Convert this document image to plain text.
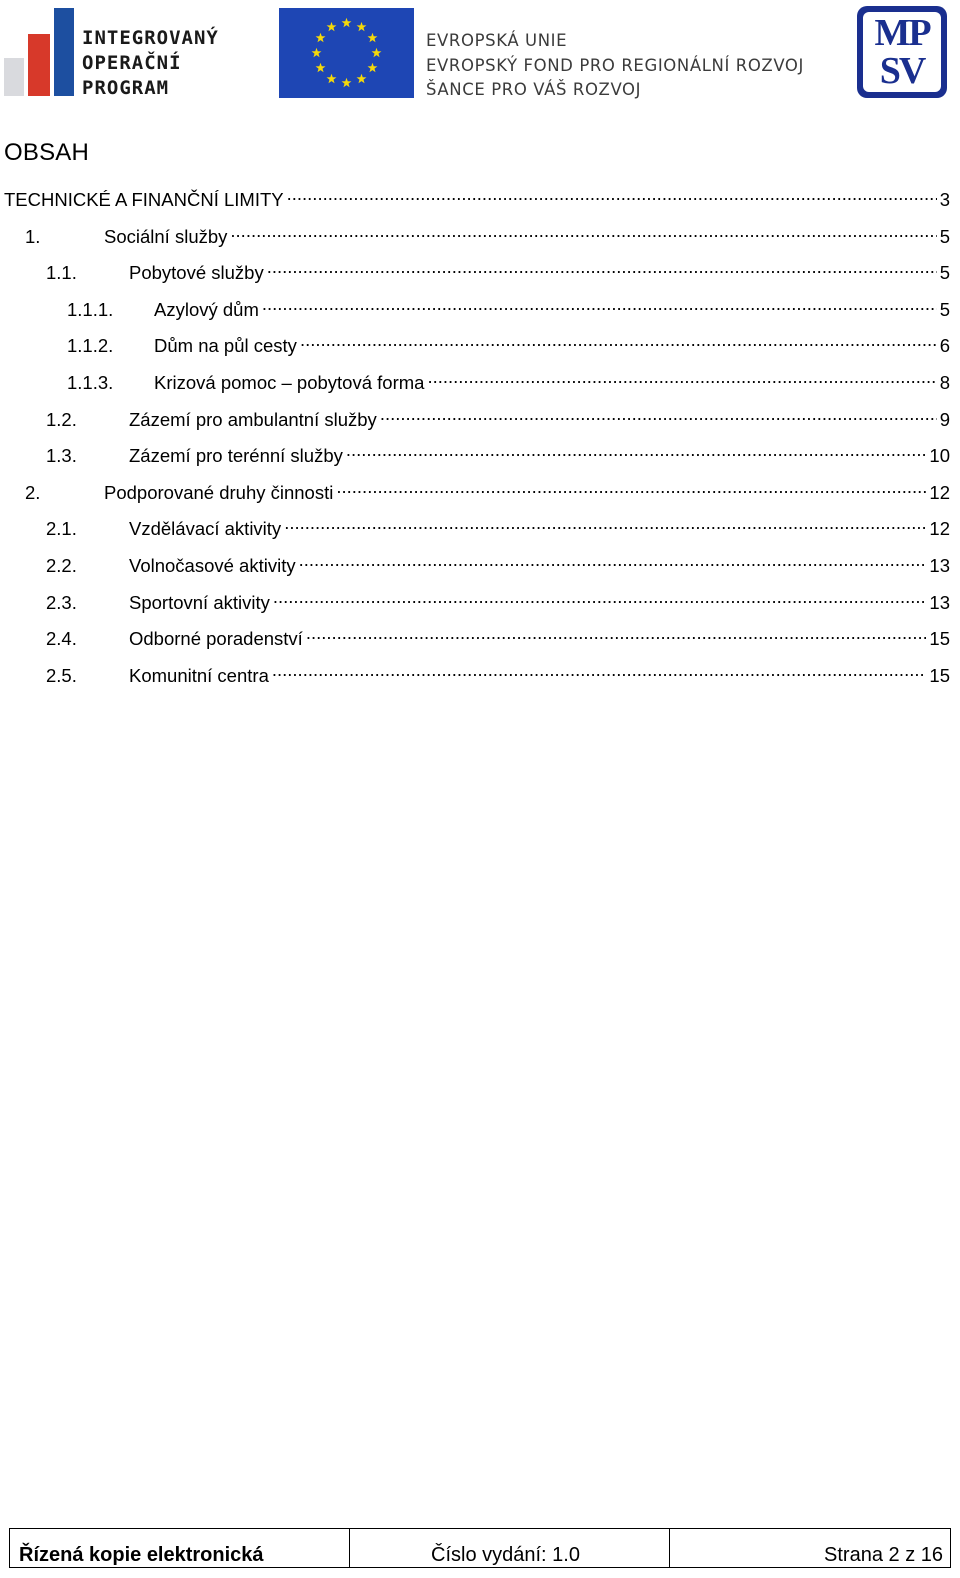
INTEGROVANÝ
OPERAČNÍ
PROGRAM
EVROPSKÁ UNIE
EVROPSKÝ FOND PRO REGIONÁLNÍ ROZVOJ
ŠANCE PRO VÁŠ ROZVOJ
MP
SV
OBSAH
TECHNICKÉ A FINANČNÍ LIMITY .....	3
1.	Sociální služby .....	5
1.1.	Pobytové služby .....	5
1.1.1.	Azylový dům .....	5
1.1.2.	Dům na půl cesty .....	6
1.1.3.	Krizová pomoc – pobytová forma .....	8
1.2.	Zázemí pro ambulantní služby .....	9
1.3.	Zázemí pro terénní služby .....	10
2.	Podporované druhy činnosti .....	12
2.1.	Vzdělávací aktivity .....	12
2.2.	Volnočasové aktivity .....	13
2.3.	Sportovní aktivity .....	13
2.4.	Odborné poradenství .....	15
2.5.	Komunitní centra .....	15
Řízená kopie elektronická	Číslo vydání: 1.0	Strana 2 z 16
